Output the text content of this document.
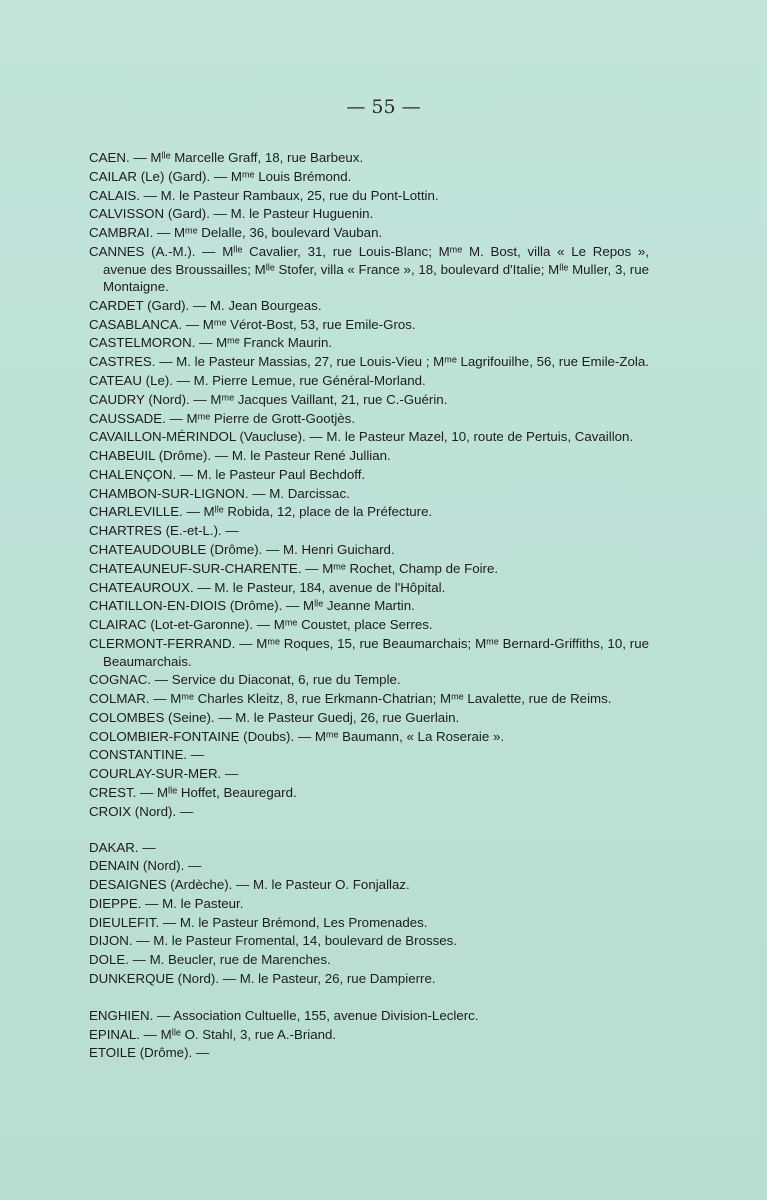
— 55 —
CAEN. — Mˡˡᵉ Marcelle Graff, 18, rue Barbeux.
CAILAR (Le) (Gard). — Mᵐᵉ Louis Brémond.
CALAIS. — M. le Pasteur Rambaux, 25, rue du Pont-Lottin.
CALVISSON (Gard). — M. le Pasteur Huguenin.
CAMBRAI. — Mᵐᵉ Delalle, 36, boulevard Vauban.
CANNES (A.-M.). — Mˡˡᵉ Cavalier, 31, rue Louis-Blanc; Mᵐᵉ M. Bost, villa « Le Repos », avenue des Broussailles; Mˡˡᵉ Stofer, villa « France », 18, boulevard d'Italie; Mˡˡᵉ Muller, 3, rue Montaigne.
CARDET (Gard). — M. Jean Bourgeas.
CASABLANCA. — Mᵐᵉ Vérot-Bost, 53, rue Emile-Gros.
CASTELMORON. — Mᵐᵉ Franck Maurin.
CASTRES. — M. le Pasteur Massias, 27, rue Louis-Vieu ; Mᵐᵉ Lagrifouilhe, 56, rue Emile-Zola.
CATEAU (Le). — M. Pierre Lemue, rue Général-Morland.
CAUDRY (Nord). — Mᵐᵉ Jacques Vaillant, 21, rue C.-Guérin.
CAUSSADE. — Mᵐᵉ Pierre de Grott-Gootjès.
CAVAILLON-MÉRINDOL (Vaucluse). — M. le Pasteur Mazel, 10, route de Pertuis, Cavaillon.
CHABEUIL (Drôme). — M. le Pasteur René Jullian.
CHALENÇON. — M. le Pasteur Paul Bechdoff.
CHAMBON-SUR-LIGNON. — M. Darcissac.
CHARLEVILLE. — Mˡˡᵉ Robida, 12, place de la Préfecture.
CHARTRES (E.-et-L.). —
CHATEAUDOUBLE (Drôme). — M. Henri Guichard.
CHATEAUNEUF-SUR-CHARENTE. — Mᵐᵉ Rochet, Champ de Foire.
CHATEAUROUX. — M. le Pasteur, 184, avenue de l'Hôpital.
CHATILLON-EN-DIOIS (Drôme). — Mˡˡᵉ Jeanne Martin.
CLAIRAC (Lot-et-Garonne). — Mᵐᵉ Coustet, place Serres.
CLERMONT-FERRAND. — Mᵐᵉ Roques, 15, rue Beaumarchais; Mᵐᵉ Bernard-Griffiths, 10, rue Beaumarchais.
COGNAC. — Service du Diaconat, 6, rue du Temple.
COLMAR. — Mᵐᵉ Charles Kleitz, 8, rue Erkmann-Chatrian; Mᵐᵉ Lavalette, rue de Reims.
COLOMBES (Seine). — M. le Pasteur Guedj, 26, rue Guerlain.
COLOMBIER-FONTAINE (Doubs). — Mᵐᵉ Baumann, « La Roseraie ».
CONSTANTINE. —
COURLAY-SUR-MER. —
CREST. — Mˡˡᵉ Hoffet, Beauregard.
CROIX (Nord). —
DAKAR. —
DENAIN (Nord). —
DESAIGNES (Ardèche). — M. le Pasteur O. Fonjallaz.
DIEPPE. — M. le Pasteur.
DIEULEFIT. — M. le Pasteur Brémond, Les Promenades.
DIJON. — M. le Pasteur Fromental, 14, boulevard de Brosses.
DOLE. — M. Beucler, rue de Marenches.
DUNKERQUE (Nord). — M. le Pasteur, 26, rue Dampierre.
ENGHIEN. — Association Cultuelle, 155, avenue Division-Leclerc.
EPINAL. — Mˡˡᵉ O. Stahl, 3, rue A.-Briand.
ETOILE (Drôme). —
